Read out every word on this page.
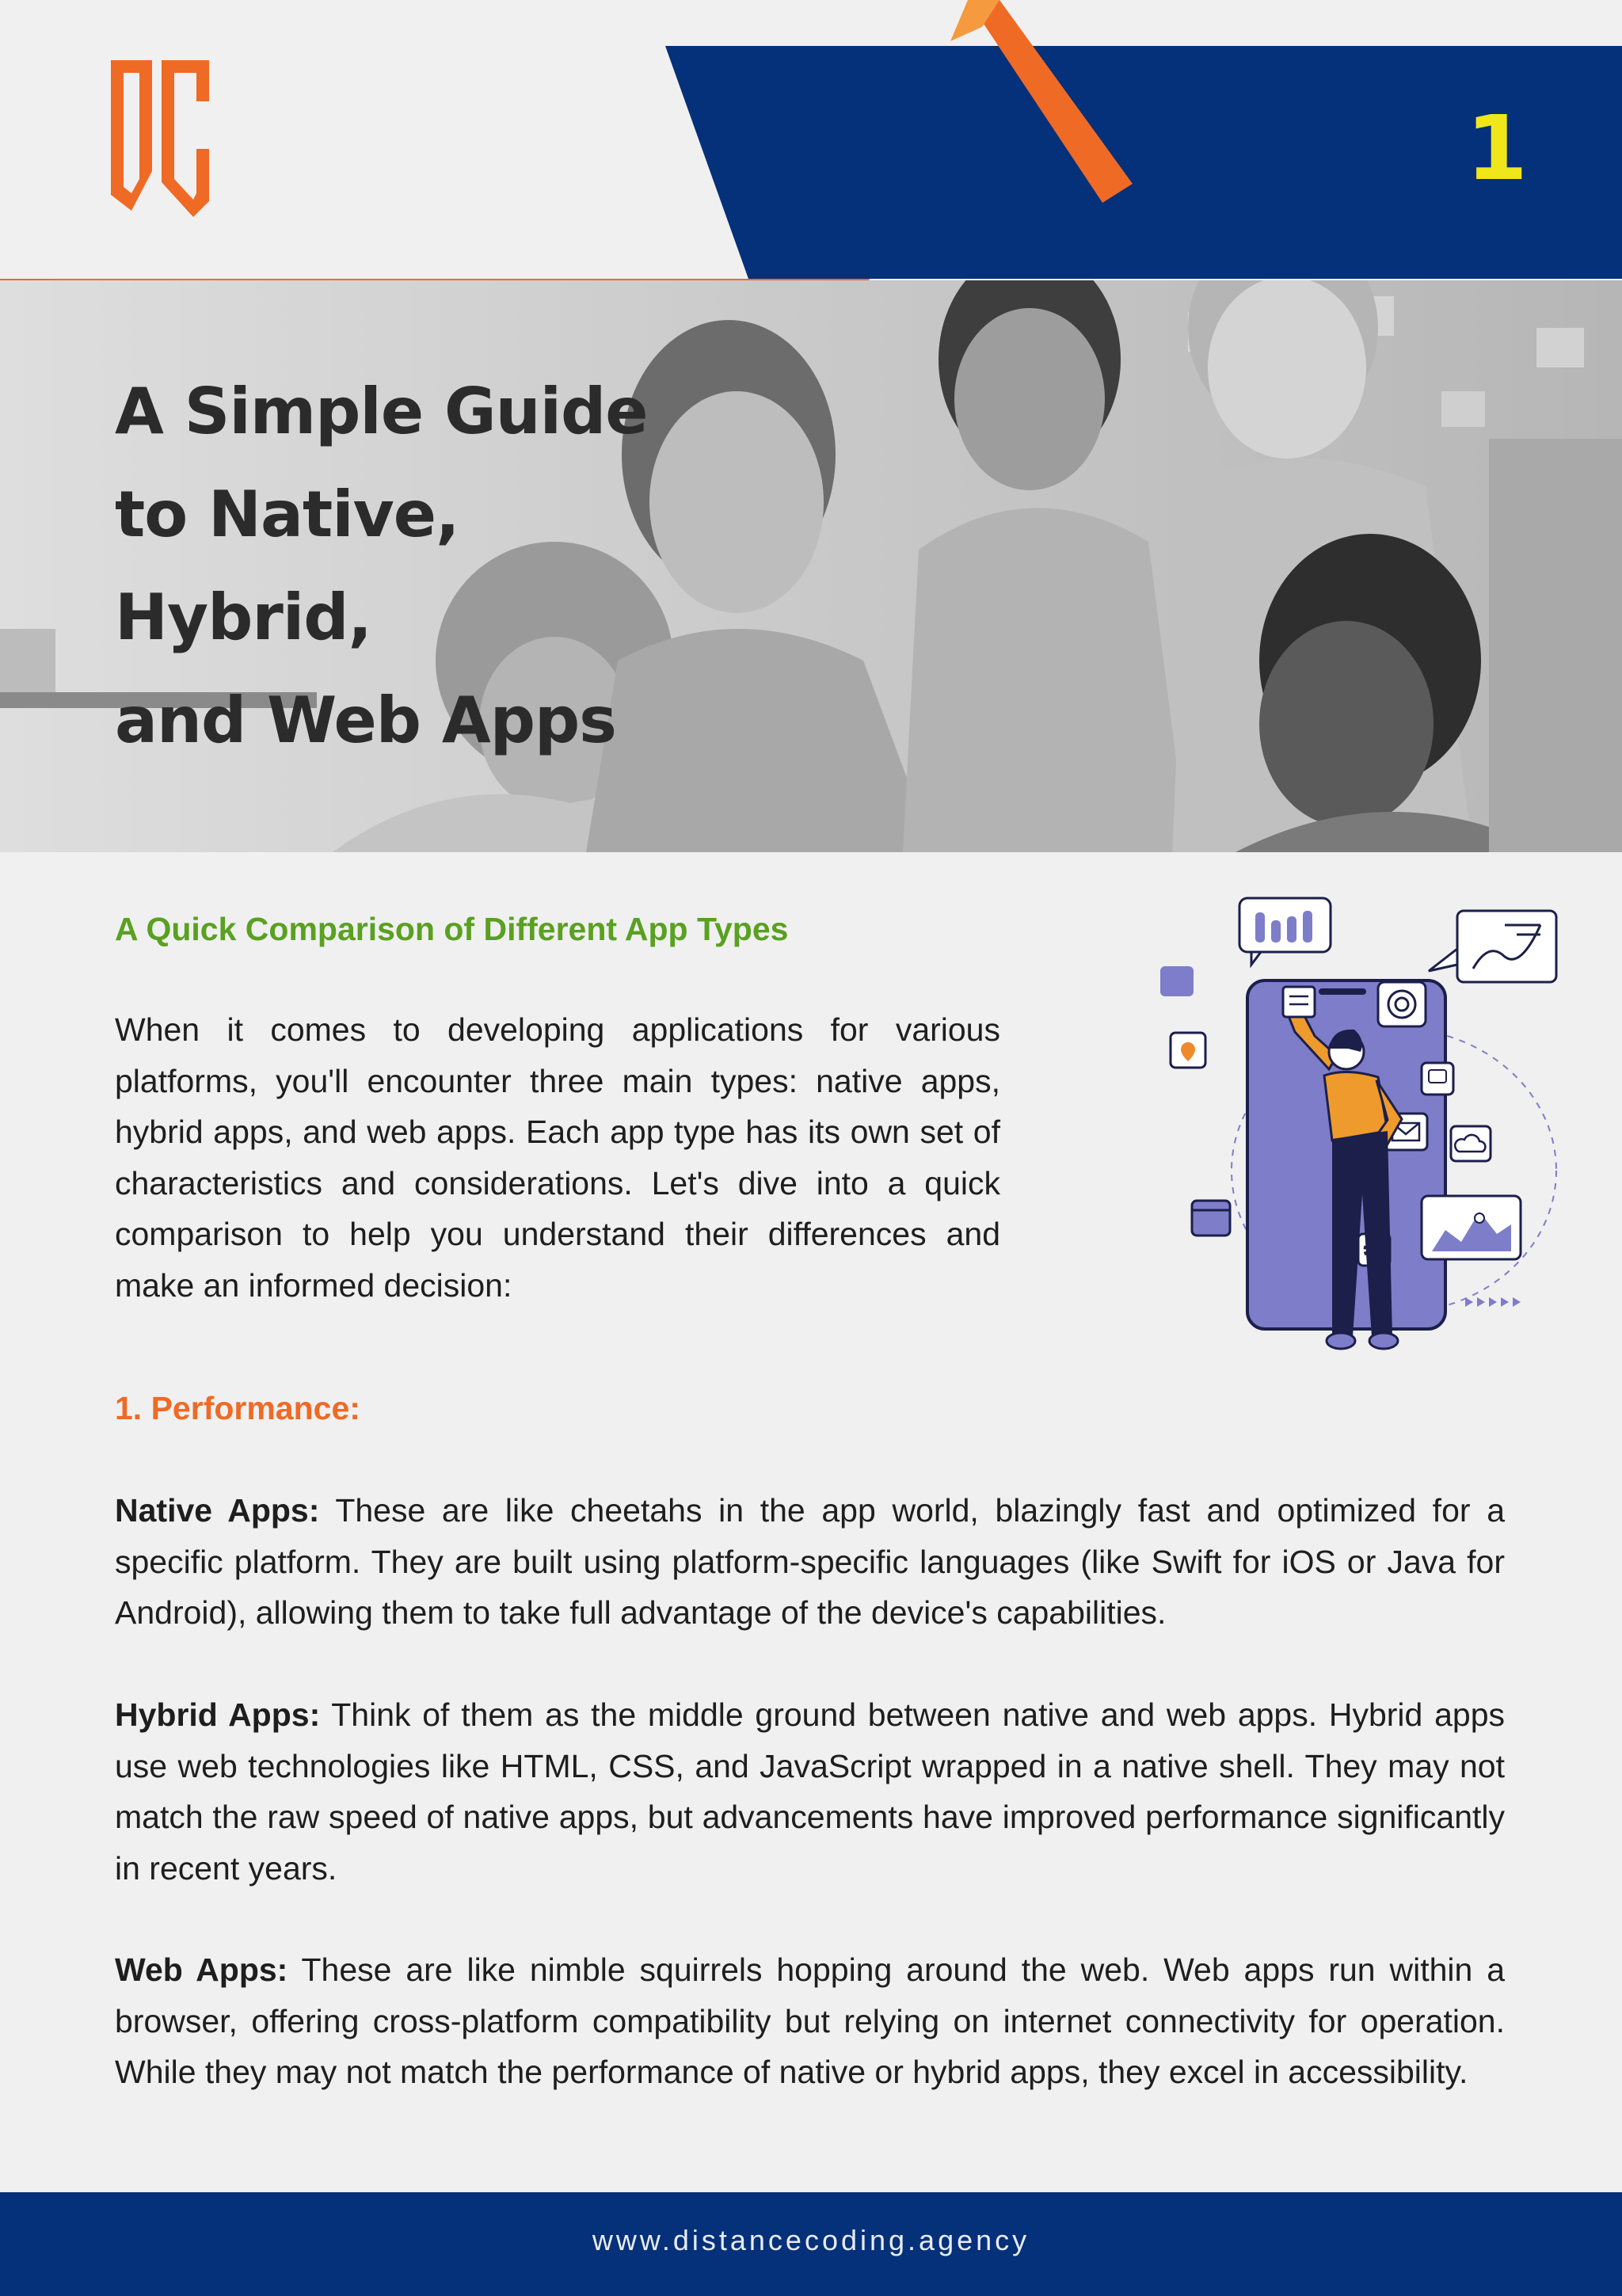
1
A Simple Guide
to Native,
Hybrid,
and Web Apps
A Quick Comparison of Different App Types

When it comes to developing applications for various platforms, you'll encounter three main types: native apps, hybrid apps, and web apps. Each app type has its own set of characteristics and considerations. Let's dive into a quick comparison to help you understand their differences and make an informed decision:

1. Performance:

Native Apps: These are like cheetahs in the app world, blazingly fast and optimized for a specific platform. They are built using platform-specific languages (like Swift for iOS or Java for Android), allowing them to take full advantage of the device's capabilities.

Hybrid Apps: Think of them as the middle ground between native and web apps. Hybrid apps use web technologies like HTML, CSS, and JavaScript wrapped in a native shell. They may not match the raw speed of native apps, but advancements have improved performance significantly in recent years.

Web Apps: These are like nimble squirrels hopping around the web. Web apps run within a browser, offering cross-platform compatibility but relying on internet connectivity for operation. While they may not match the performance of native or hybrid apps, they excel in accessibility.

www.distancecoding.agency
